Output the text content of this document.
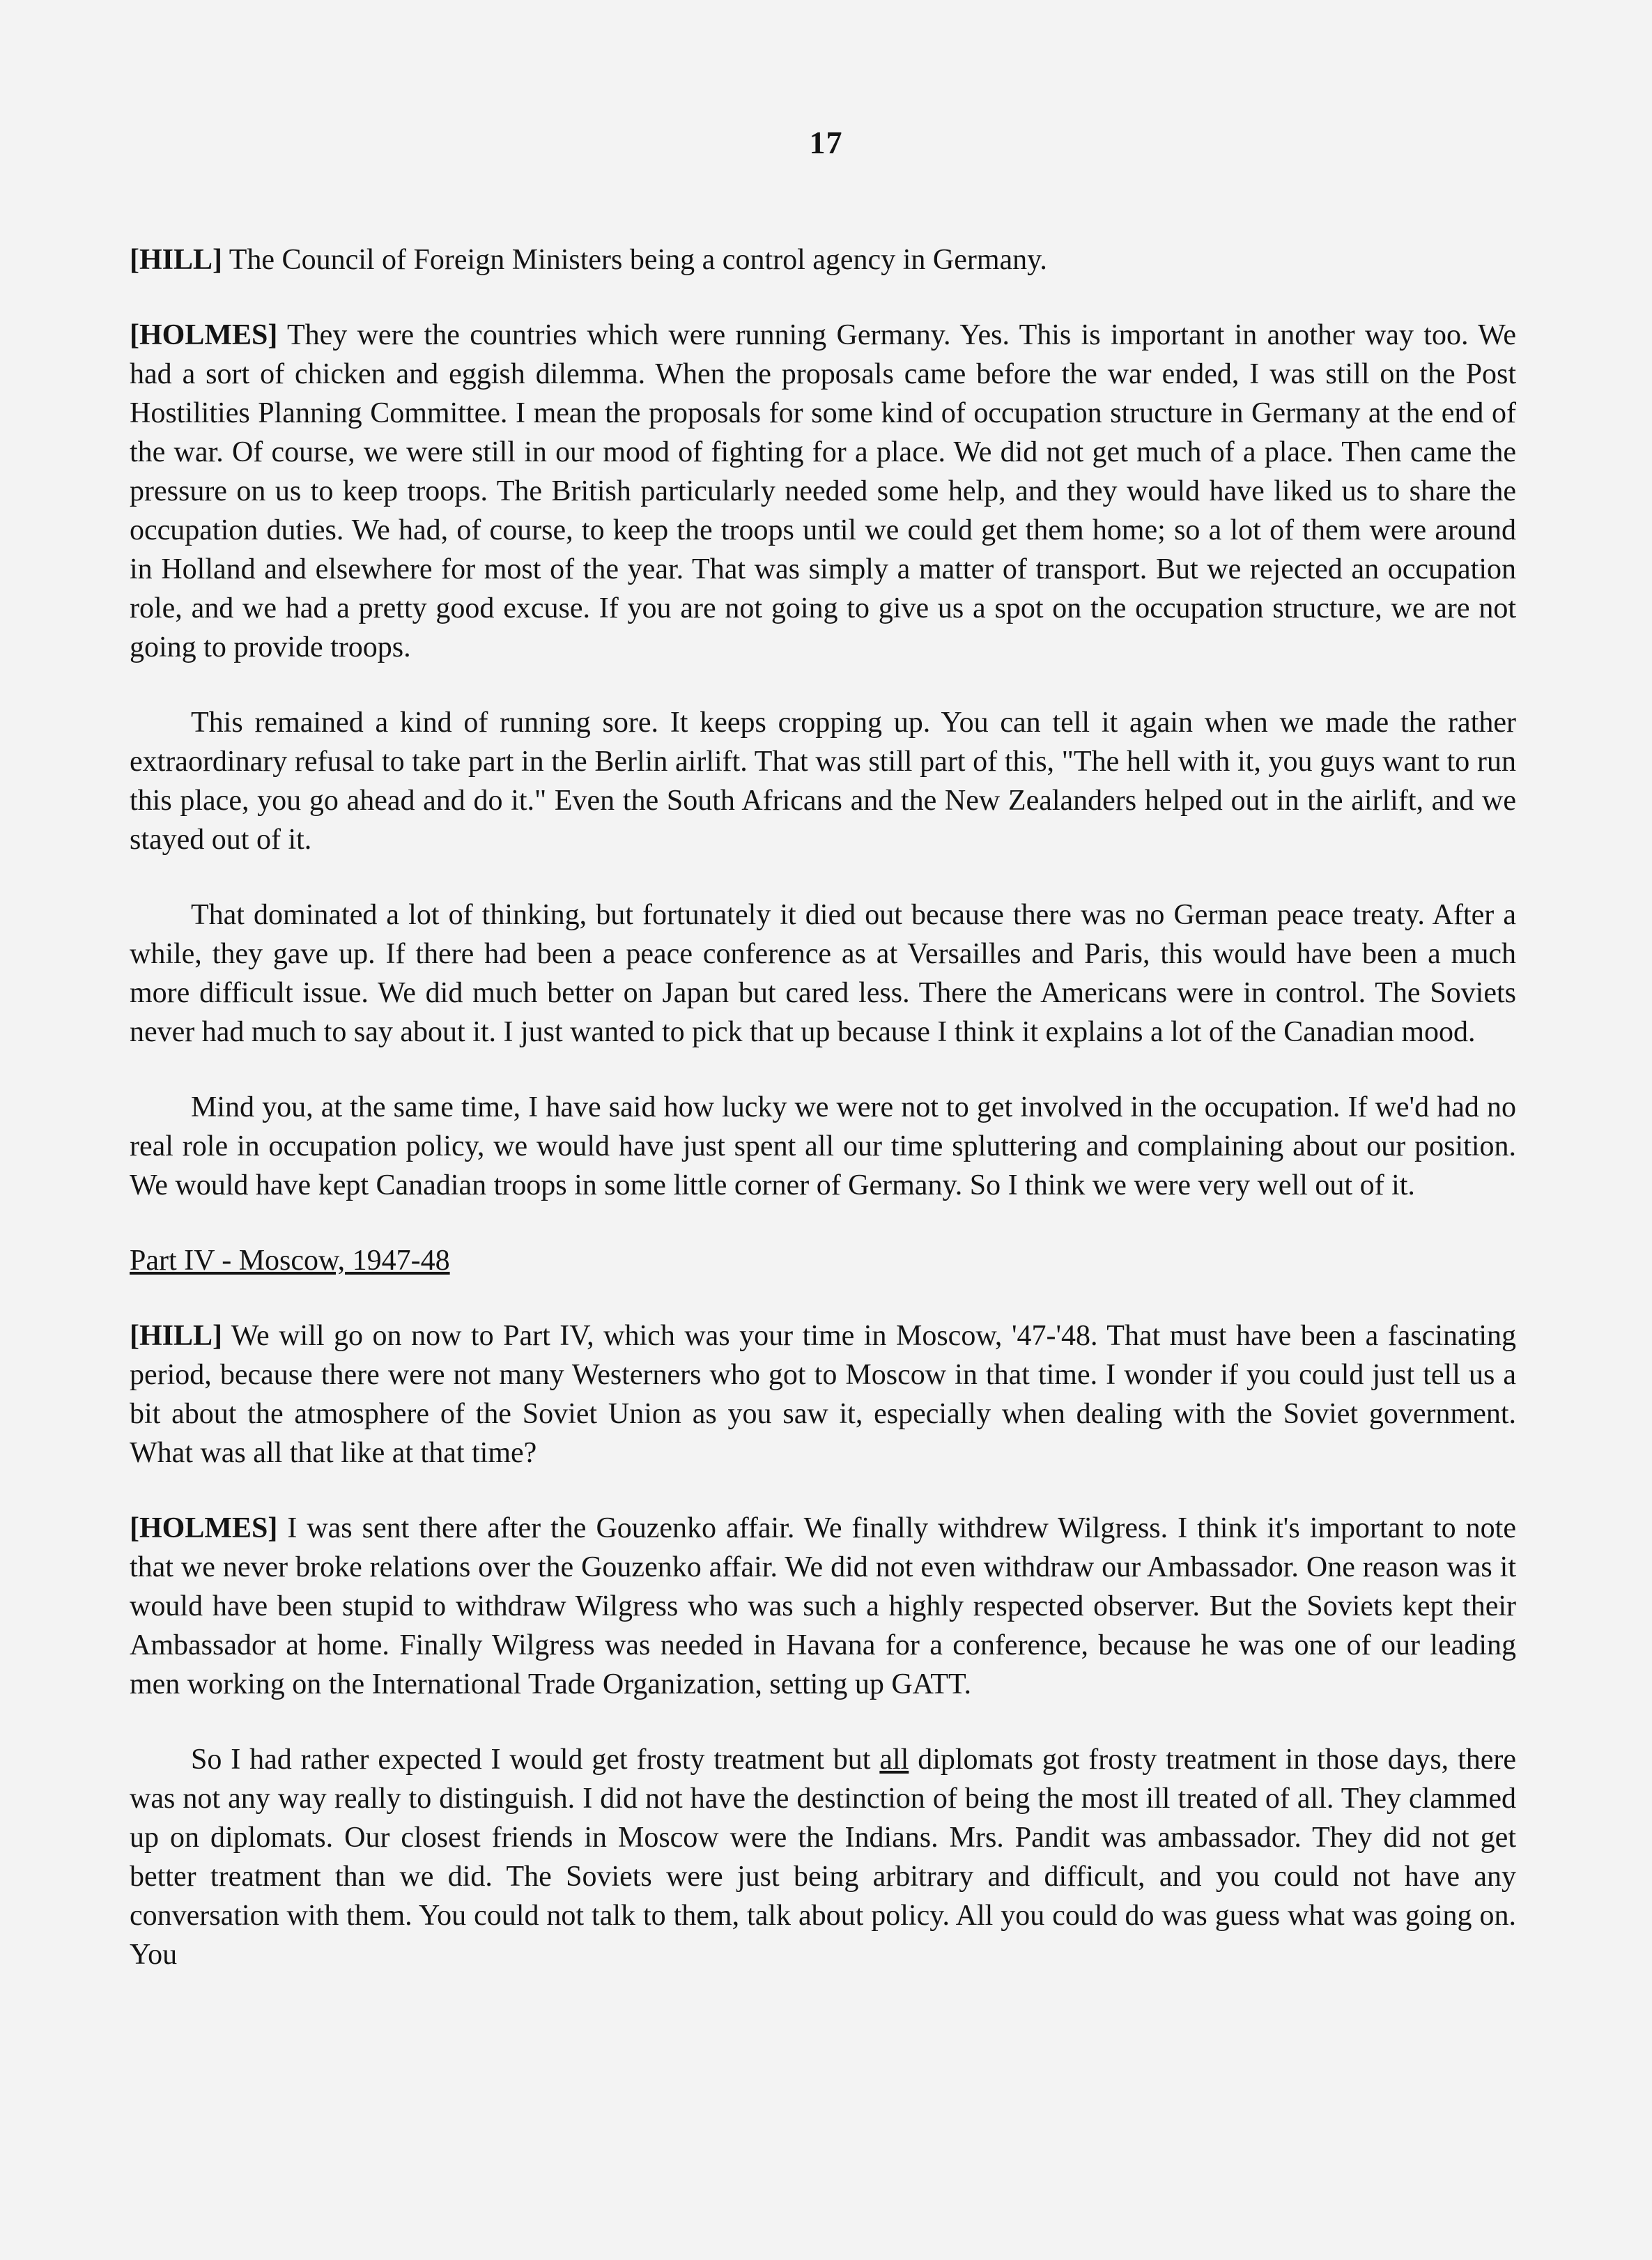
17

[HILL] The Council of Foreign Ministers being a control agency in Germany.

[HOLMES] They were the countries which were running Germany. Yes. This is important in another way too. We had a sort of chicken and eggish dilemma. When the proposals came before the war ended, I was still on the Post Hostilities Planning Committee. I mean the proposals for some kind of occupation structure in Germany at the end of the war. Of course, we were still in our mood of fighting for a place. We did not get much of a place. Then came the pressure on us to keep troops. The British particularly needed some help, and they would have liked us to share the occupation duties. We had, of course, to keep the troops until we could get them home; so a lot of them were around in Holland and elsewhere for most of the year. That was simply a matter of transport. But we rejected an occupation role, and we had a pretty good excuse. If you are not going to give us a spot on the occupation structure, we are not going to provide troops.

This remained a kind of running sore. It keeps cropping up. You can tell it again when we made the rather extraordinary refusal to take part in the Berlin airlift. That was still part of this, "The hell with it, you guys want to run this place, you go ahead and do it." Even the South Africans and the New Zealanders helped out in the airlift, and we stayed out of it.

That dominated a lot of thinking, but fortunately it died out because there was no German peace treaty. After a while, they gave up. If there had been a peace conference as at Versailles and Paris, this would have been a much more difficult issue. We did much better on Japan but cared less. There the Americans were in control. The Soviets never had much to say about it. I just wanted to pick that up because I think it explains a lot of the Canadian mood.

Mind you, at the same time, I have said how lucky we were not to get involved in the occupation. If we'd had no real role in occupation policy, we would have just spent all our time spluttering and complaining about our position. We would have kept Canadian troops in some little corner of Germany. So I think we were very well out of it.

Part IV - Moscow, 1947-48

[HILL] We will go on now to Part IV, which was your time in Moscow, '47-'48. That must have been a fascinating period, because there were not many Westerners who got to Moscow in that time. I wonder if you could just tell us a bit about the atmosphere of the Soviet Union as you saw it, especially when dealing with the Soviet government. What was all that like at that time?

[HOLMES] I was sent there after the Gouzenko affair. We finally withdrew Wilgress. I think it's important to note that we never broke relations over the Gouzenko affair. We did not even withdraw our Ambassador. One reason was it would have been stupid to withdraw Wilgress who was such a highly respected observer. But the Soviets kept their Ambassador at home. Finally Wilgress was needed in Havana for a conference, because he was one of our leading men working on the International Trade Organization, setting up GATT.

So I had rather expected I would get frosty treatment but all diplomats got frosty treatment in those days, there was not any way really to distinguish. I did not have the destinction of being the most ill treated of all. They clammed up on diplomats. Our closest friends in Moscow were the Indians. Mrs. Pandit was ambassador. They did not get better treatment than we did. The Soviets were just being arbitrary and difficult, and you could not have any conversation with them. You could not talk to them, talk about policy. All you could do was guess what was going on. You
